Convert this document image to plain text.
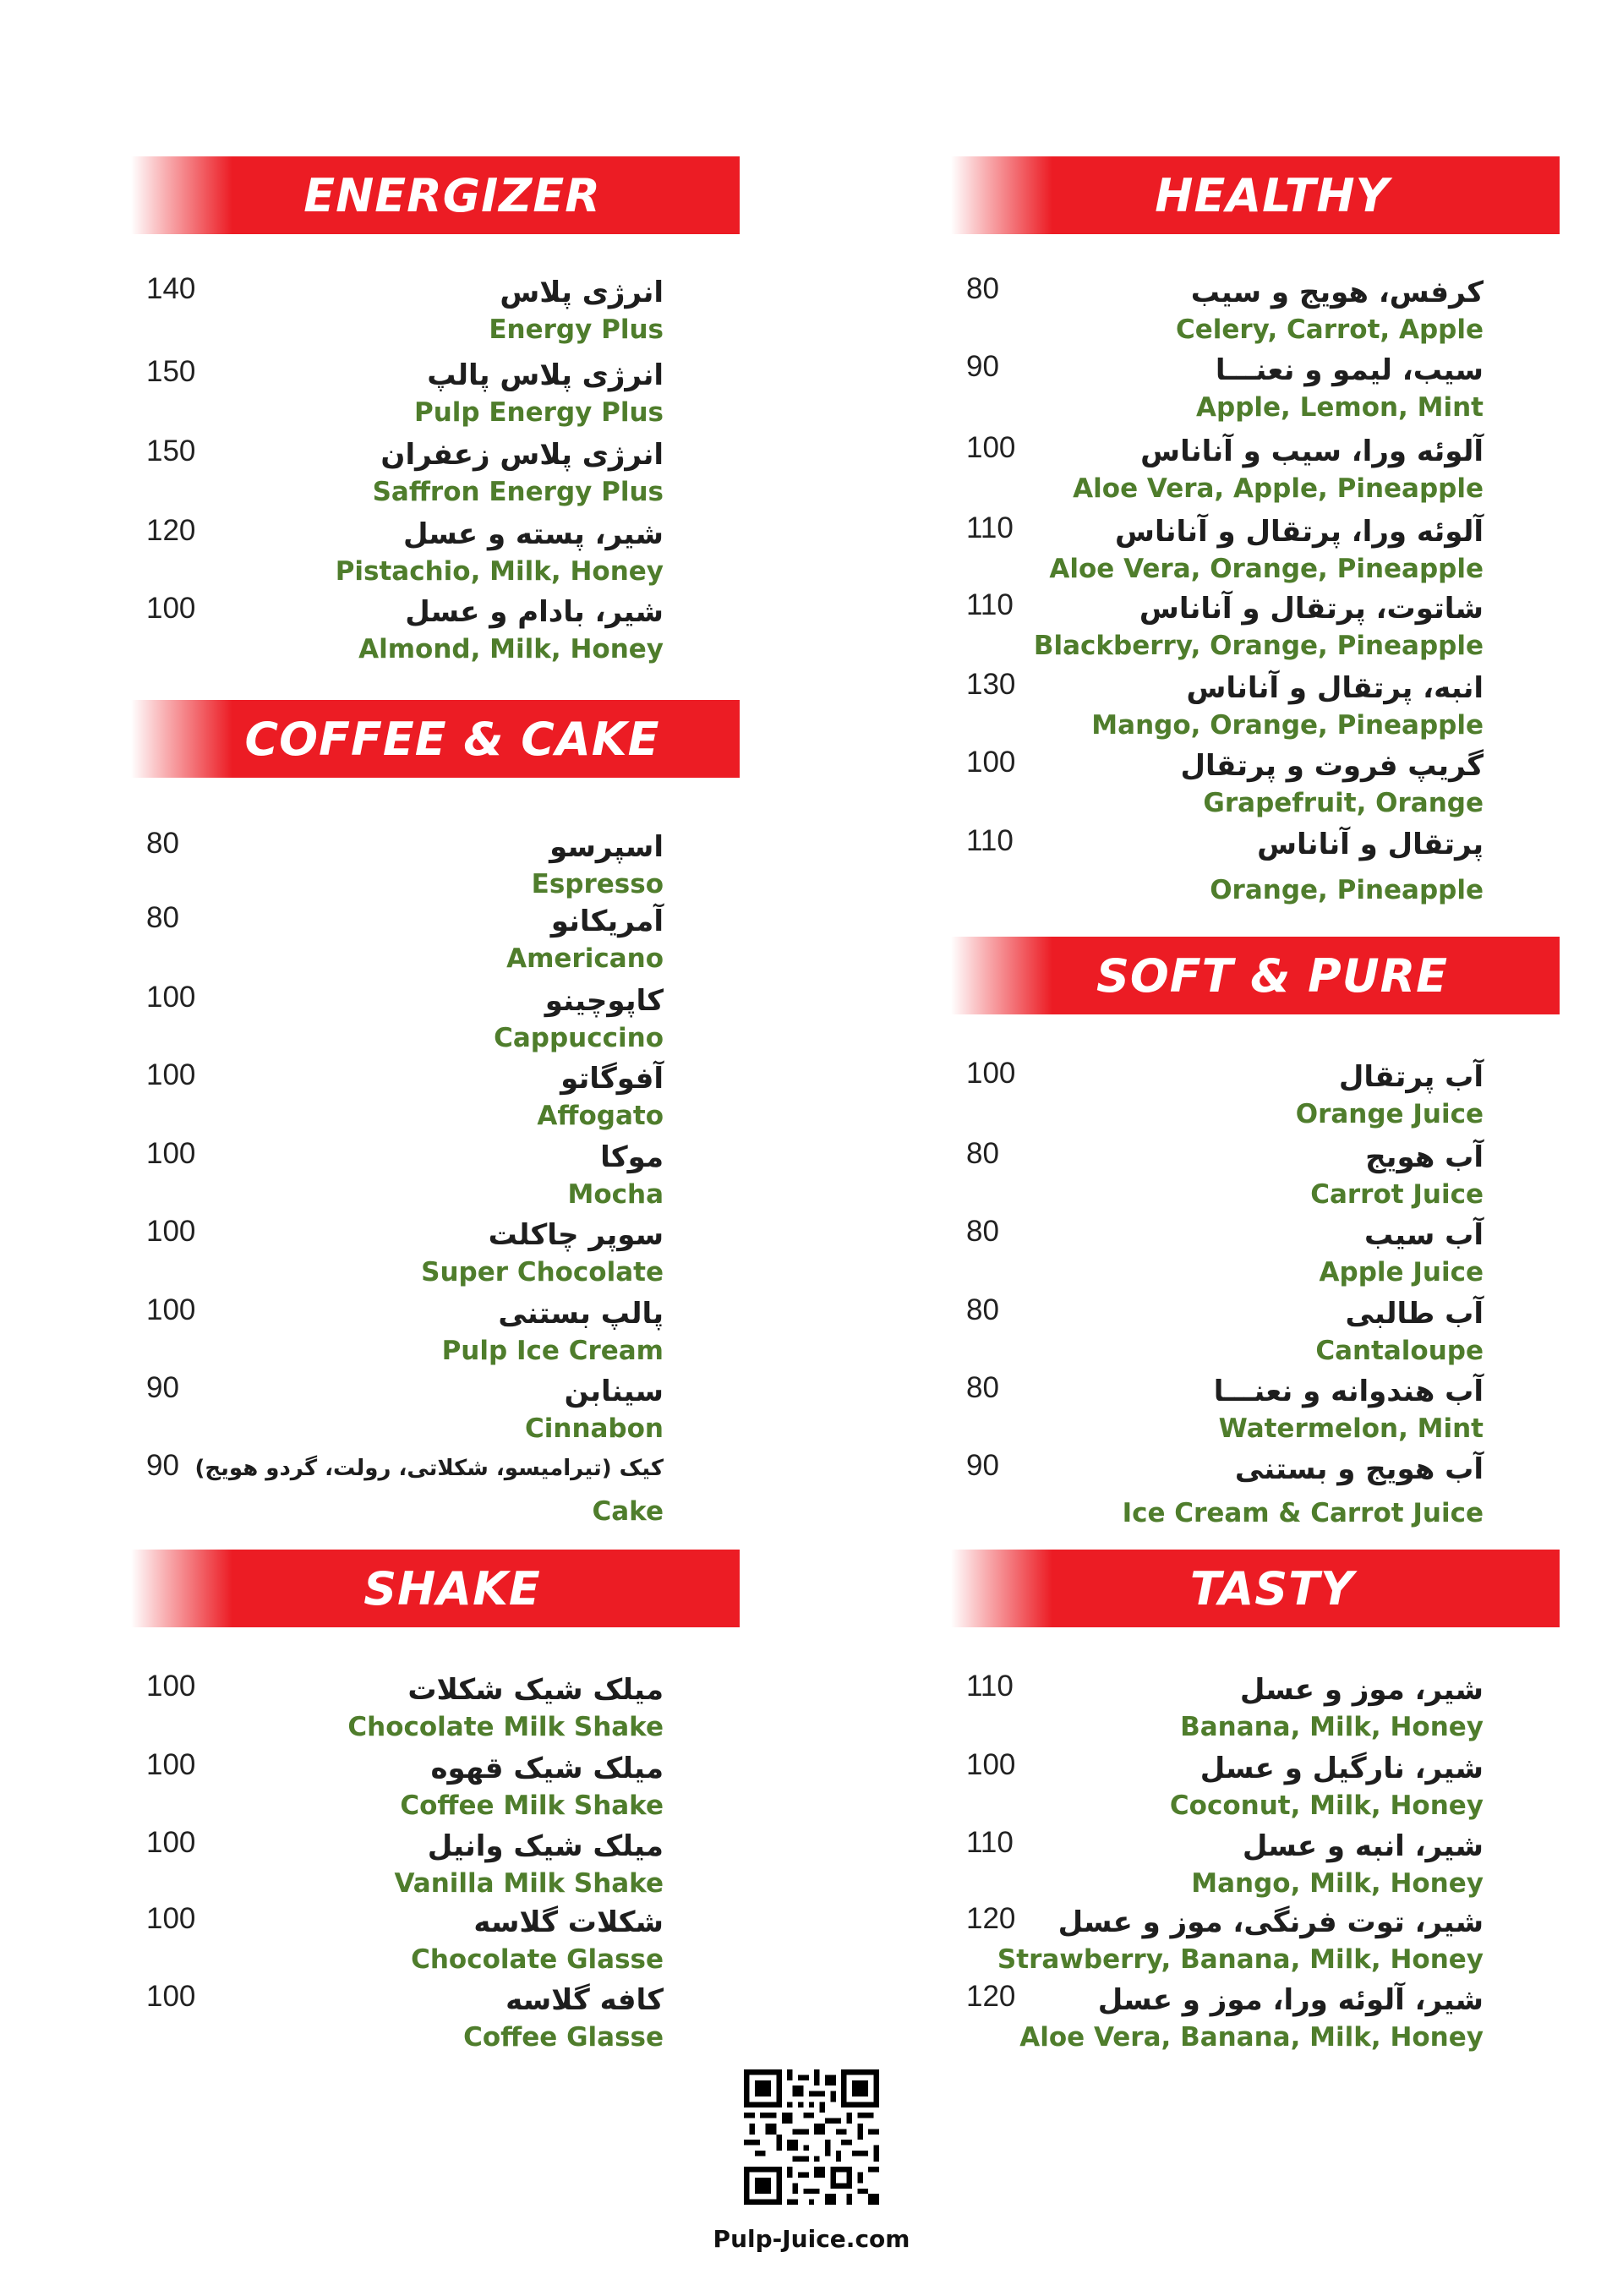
ENERGIZER
140	انرژی پلاس
Energy Plus
150	انرژی پلاس پالپ
Pulp Energy Plus
150	انرژی پلاس زعفران
Saffron Energy Plus
120	شیر، پسته و عسل
Pistachio, Milk, Honey
100	شیر، بادام و عسل
Almond, Milk, Honey
COFFEE & CAKE
80	اسپرسو
Espresso
80	آمریکانو
Americano
100	کاپوچینو
Cappuccino
100	آفوگاتو
Affogato
100	موکا
Mocha
100	سوپر چاکلت
Super Chocolate
100	پالپ بستنی
Pulp Ice Cream
90	سینابن
Cinnabon
90 کیک (تیرامیسو، شکلاتی، رولت، گردو هویج)
Cake
SHAKE
100	میلک شیک شکلات
Chocolate Milk Shake
100	میلک شیک قهوه
Coffee Milk Shake
100	میلک شیک وانیل
Vanilla Milk Shake
100	شکلات گلاسه
Chocolate Glasse
100	کافه گلاسه
Coffee Glasse
HEALTHY
80	کرفس، هویج و سیب
Celery, Carrot, Apple
90	سیب، لیمو و نعنـــا
Apple, Lemon, Mint
100	آلوئه ورا، سیب و آناناس
Aloe Vera, Apple, Pineapple
110	آلوئه ورا، پرتقال و آناناس
Aloe Vera, Orange, Pineapple
110	شاتوت، پرتقال و آناناس
Blackberry, Orange, Pineapple
130	انبه، پرتقال و آناناس
Mango, Orange, Pineapple
100	گریپ فروت و پرتقال
Grapefruit, Orange
110	پرتقال و آناناس
Orange, Pineapple
SOFT & PURE
100	آب پرتقال
Orange Juice
80	آب هویج
Carrot Juice
80	آب سیب
Apple Juice
80	آب طالبی
Cantaloupe
80	آب هندوانه و نعنـــا
Watermelon, Mint
90	آب هویج و بستنی
Ice Cream & Carrot Juice
TASTY
110	شیر، موز و عسل
Banana, Milk, Honey
100	شیر، نارگیل و عسل
Coconut, Milk, Honey
110	شیر، انبه و عسل
Mango, Milk, Honey
120 شیر، توت فرنگی، موز و عسل
Strawberry, Banana, Milk, Honey
120	شیر، آلوئه ورا، موز و عسل
Aloe Vera, Banana, Milk, Honey
Pulp-Juice.com
